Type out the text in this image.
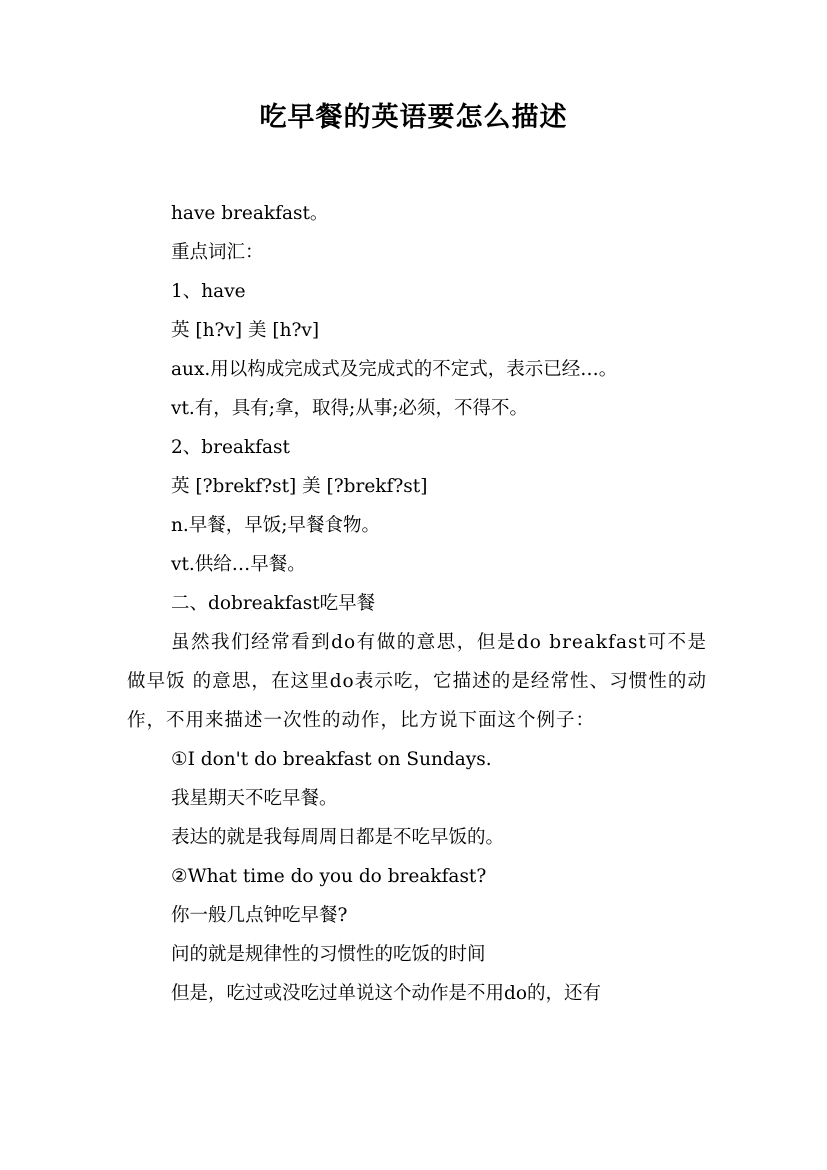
吃早餐的英语要怎么描述

have breakfast。

重点词汇：

1、have

英 [h?v] 美 [h?v]

aux.用以构成完成式及完成式的不定式，表示已经…。

vt.有，具有;拿，取得;从事;必须，不得不。

2、breakfast

英 [?brekf?st] 美 [?brekf?st]

n.早餐，早饭;早餐食物。

vt.供给…早餐。

二、dobreakfast吃早餐

虽然我们经常看到do有做的意思，但是do breakfast可不是 做早饭 的意思，在这里do表示吃，它描述的是经常性、习惯性的动作，不用来描述一次性的动作，比方说下面这个例子：

①I don't do breakfast on Sundays.

我星期天不吃早餐。

表达的就是我每周周日都是不吃早饭的。

②What time do you do breakfast?

你一般几点钟吃早餐?

问的就是规律性的习惯性的吃饭的时间

但是，吃过或没吃过单说这个动作是不用do的，还有
